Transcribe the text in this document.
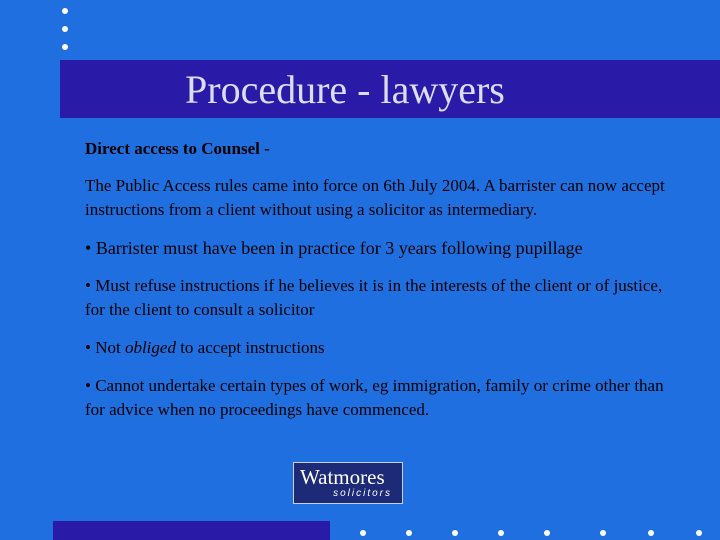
Procedure - lawyers

Direct access to Counsel -

The Public Access rules came into force on 6th July 2004. A barrister can now accept instructions from a client without using a solicitor as intermediary.

• Barrister must have been in practice for 3 years following pupillage

• Must refuse instructions if he believes it is in the interests of the client or of justice, for the client to consult a solicitor

• Not obliged to accept instructions

• Cannot undertake certain types of work, eg immigration, family or crime other than for advice when no proceedings have commenced.

Watmores
solicitors
